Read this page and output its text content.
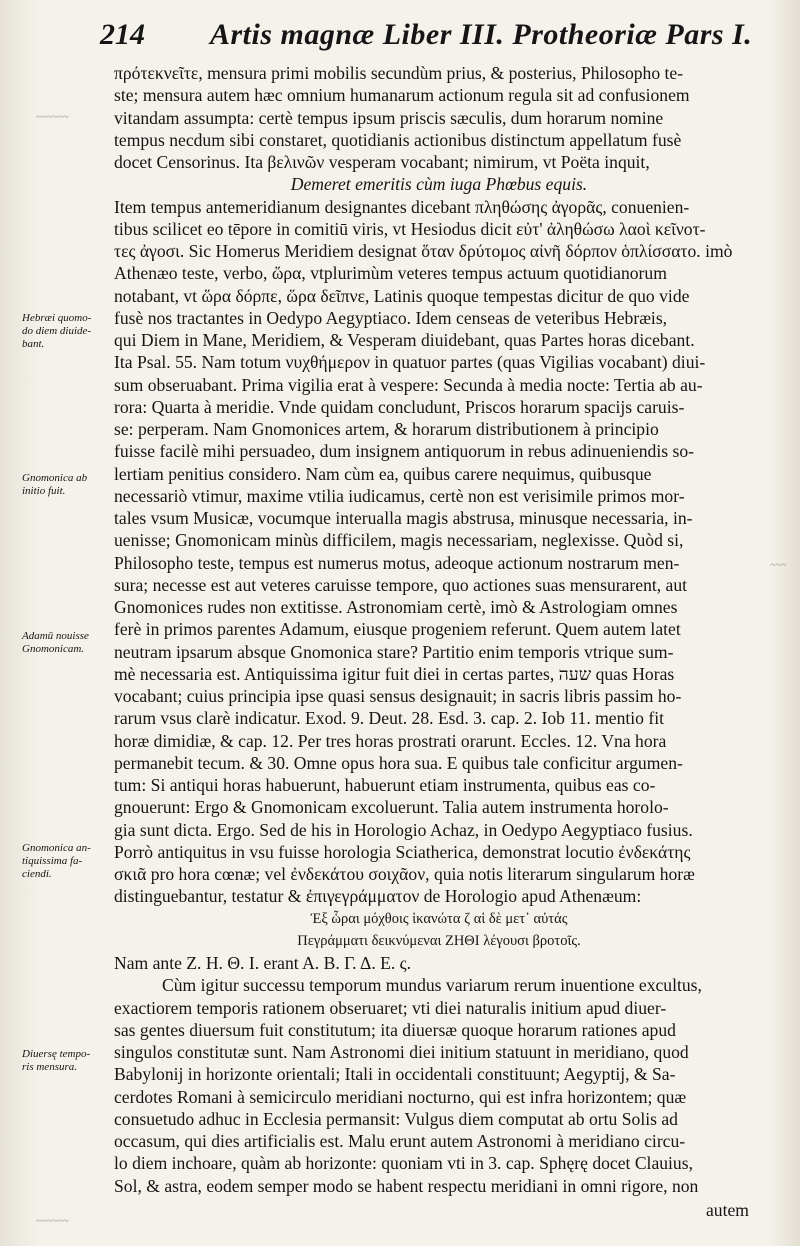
214 Artis magnæ Liber III. Protheoriæ Pars I.
~~~~~~
~~~
~~~~~~
πρότεκνεῖτε, mensura primi mobilis secundùm prius, & posterius, Philosopho te-
ste; mensura autem hæc omnium humanarum actionum regula sit ad confusionem
vitandam assumpta: certè tempus ipsum priscis sæculis, dum horarum nomine
tempus necdum sibi constaret, quotidianis actionibus distinctum appellatum fusè
docet Censorinus. Ita βελινῶν vesperam vocabant; nimirum, vt Poëta inquit,
Demeret emeritis cùm iuga Phœbus equis.
Item tempus antemeridianum designantes dicebant πληθώσης ἀγορᾶς, conuenien-
tibus scilicet eo tēpore in comitiū viris, vt Hesiodus dicit εὐτ' ἀληθώσω λαοὶ κεῖνοτ-
τες ἀγοσι. Sic Homerus Meridiem designat ὅταν δρύτομος αἰνῆ δόρπον ὁπλίσσατο. imò
Athenæo teste, verbo, ὥρα, vtplurimùm veteres tempus actuum quotidianorum
notabant, vt ὥρα δόρπε, ὥρα δεῖπνε, Latinis quoque tempestas dicitur de quo vide
fusè nos tractantes in Oedypo Aegyptiaco. Idem censeas de veteribus Hebræis,
qui Diem in Mane, Meridiem, & Vesperam diuidebant, quas Partes horas dicebant.
Ita Psal. 55. Nam totum νυχθήμερον in quatuor partes (quas Vigilias vocabant) diui-
sum obseruabant. Prima vigilia erat à vespere: Secunda à media nocte: Tertia ab au-
rora: Quarta à meridie. Vnde quidam concludunt, Priscos horarum spacijs caruis-
se: perperam. Nam Gnomonices artem, & horarum distributionem à principio
fuisse facilè mihi persuadeo, dum insignem antiquorum in rebus adinueniendis so-
lertiam penitius considero. Nam cùm ea, quibus carere nequimus, quibusque
necessariò vtimur, maxime vtilia iudicamus, certè non est verisimile primos mor-
tales vsum Musicæ, vocumque interualla magis abstrusa, minusque necessaria, in-
uenisse; Gnomonicam minùs difficilem, magis necessariam, neglexisse. Quòd si,
Philosopho teste, tempus est numerus motus, adeoque actionum nostrarum men-
sura; necesse est aut veteres caruisse tempore, quo actiones suas mensurarent, aut
Gnomonices rudes non extitisse. Astronomiam certè, imò & Astrologiam omnes
ferè in primos parentes Adamum, eiusque progeniem referunt. Quem autem latet
neutram ipsarum absque Gnomonica stare? Partitio enim temporis vtrique sum-
mè necessaria est. Antiquissima igitur fuit diei in certas partes, שעה quas Horas
vocabant; cuius principia ipse quasi sensus designauit; in sacris libris passim ho-
rarum vsus clarè indicatur. Exod. 9. Deut. 28. Esd. 3. cap. 2. Iob 11. mentio fit
horæ dimidiæ, & cap. 12. Per tres horas prostrati orarunt. Eccles. 12. Vna hora
permanebit tecum. & 30. Omne opus hora sua. E quibus tale conficitur argumen-
tum: Si antiqui horas habuerunt, habuerunt etiam instrumenta, quibus eas co-
gnouerunt: Ergo & Gnomonicam excoluerunt. Talia autem instrumenta horolo-
gia sunt dicta. Ergo. Sed de his in Horologio Achaz, in Oedypo Aegyptiaco fusius.
Porrò antiquitus in vsu fuisse horologia Sciatherica, demonstrat locutio ἐνδεκάτης
σκιᾶ pro hora cœnæ; vel ἐνδεκάτου σοιχᾶον, quia notis literarum singularum horæ
distinguebantur, testatur & ἐπιγεγράμματον de Horologio apud Athenæum:
Ἐξ ὧραι μόχθοις ἱκανώτα ζ αἱ δὲ μετ᾽ αὐτάς
Πεγράμματι δεικνύμεναι ΖΗΘΙ λέγουσι βροτοῖς.
Nam ante Z. H. Θ. I. erant A. B. Γ. Δ. E. ς.
Cùm igitur successu temporum mundus variarum rerum inuentione excultus,
exactiorem temporis rationem obseruaret; vti diei naturalis initium apud diuer-
sas gentes diuersum fuit constitutum; ita diuersæ quoque horarum rationes apud
singulos constitutæ sunt. Nam Astronomi diei initium statuunt in meridiano, quod
Babylonij in horizonte orientali; Itali in occidentali constituunt; Aegyptij, & Sa-
cerdotes Romani à semicirculo meridiani nocturno, qui est infra horizontem; quæ
consuetudo adhuc in Ecclesia permansit: Vulgus diem computat ab ortu Solis ad
occasum, qui dies artificialis est. Malu erunt autem Astronomi à meridiano circu-
lo diem inchoare, quàm ab horizonte: quoniam vti in 3. cap. Sphęrę docet Clauius,
Sol, & astra, eodem semper modo se habent respectu meridiani in omni rigore, non
Hebræi quomo-
do diem diuide-
bant.
Gnomonica ab
initio fuit.
Adamū nouisse
Gnomonicam.
Gnomonica an-
tiquissima fa-
ciendi.
Diuersę tempo-
ris mensura.
autem
